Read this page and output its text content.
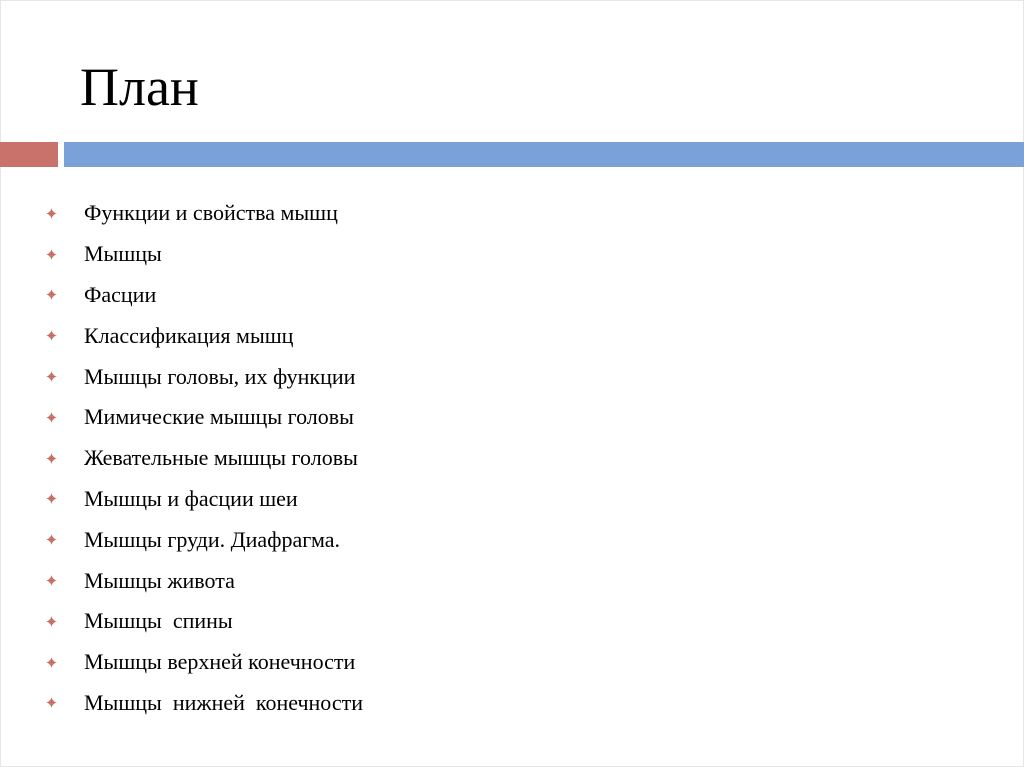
План
Функции и свойства мышц
Мышцы
Фасции
Классификация мышц
Мышцы головы, их функции
Мимические мышцы головы
Жевательные мышцы головы
Мышцы и фасции шеи
Мышцы груди. Диафрагма.
Мышцы живота
Мышцы  спины
Мышцы верхней конечности
Мышцы  нижней  конечности
